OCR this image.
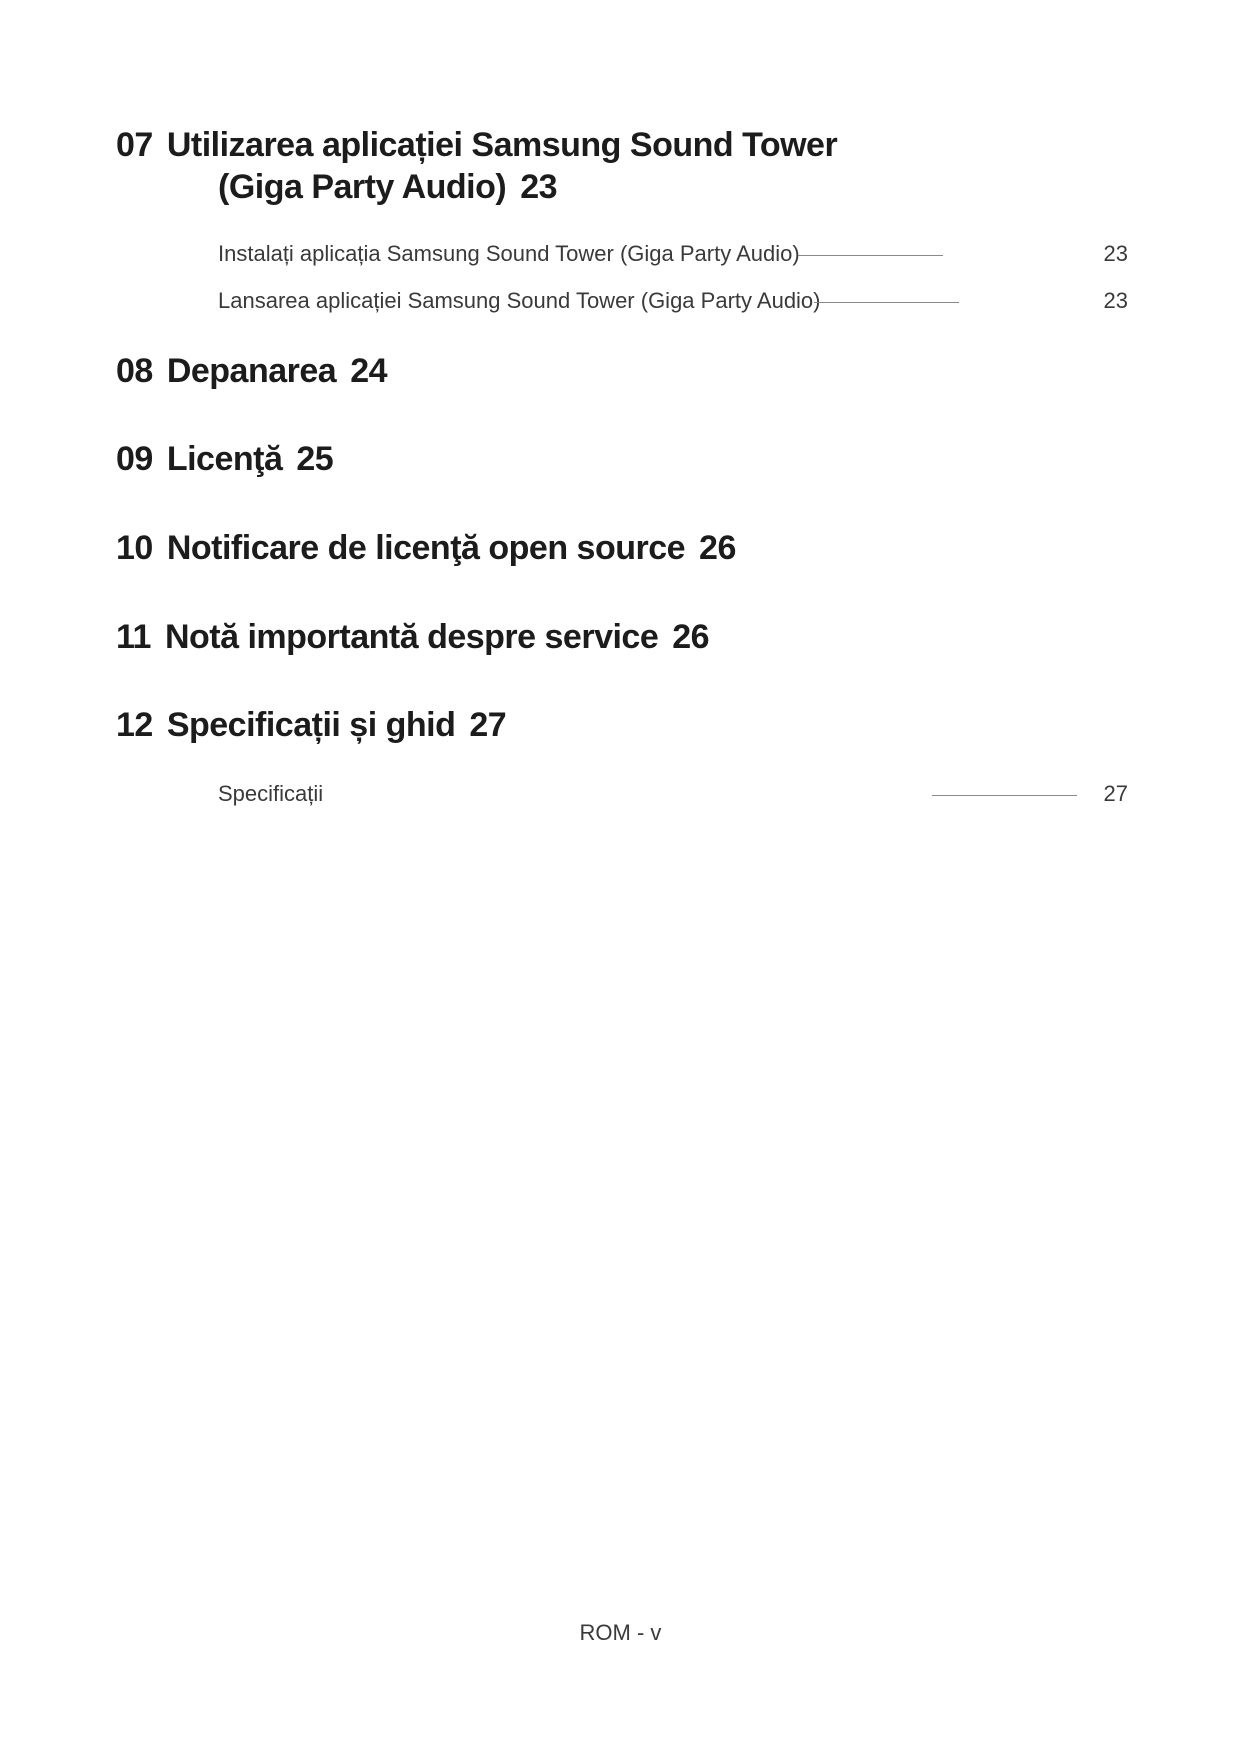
07 Utilizarea aplicației Samsung Sound Tower
(Giga Party Audio) 23
Instalați aplicația Samsung Sound Tower (Giga Party Audio)	23
Lansarea aplicației Samsung Sound Tower (Giga Party Audio)	23
08 Depanarea 24
09 Licenţă 25
10 Notificare de licenţă open source 26
11 Notă importantă despre service 26
12 Specificații și ghid 27
Specificații	27
ROM - v
